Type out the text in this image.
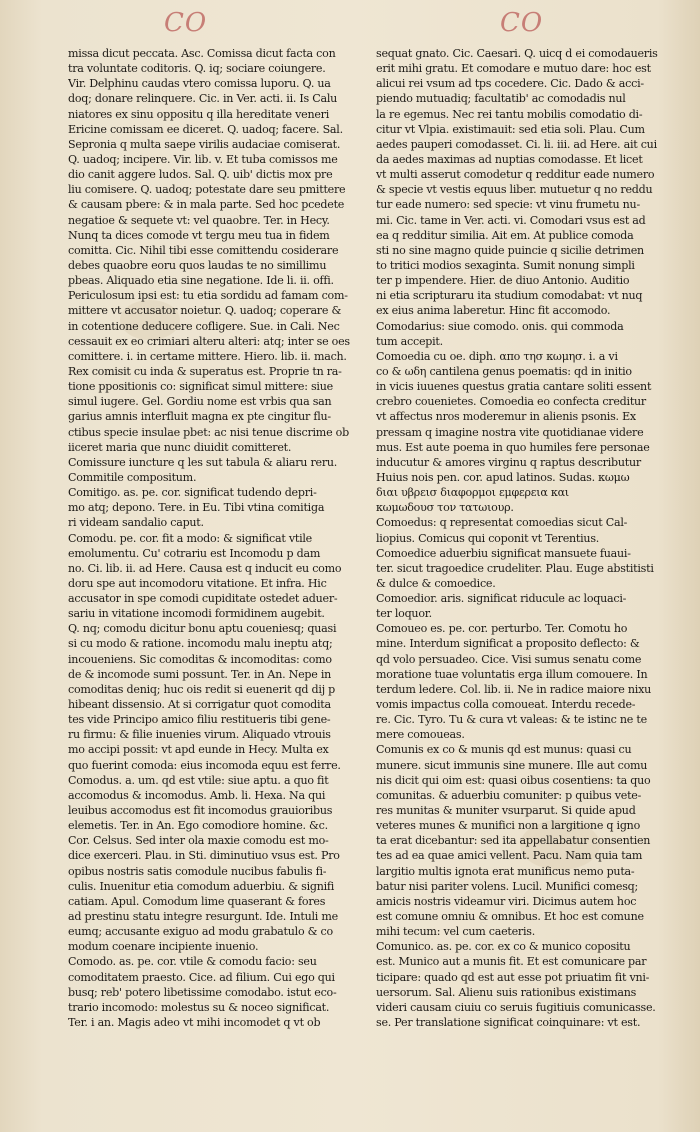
CO	CO
missa dicut peccata. Asc. Comissa dicut facta con
tra voluntate coditoris. Q. iq; sociare coiungere.
Vir. Delphinu caudas vtero comissa luporu. Q. ua
doq; donare relinquere. Cic. in Ver. acti. ii. Is Calu
niatores ex sinu oppositu q illa hereditate veneri
Ericine comissam ee diceret. Q. uadoq; facere. Sal.
Sepronia q multa saepe virilis audaciae comiserat.
Q. uadoq; incipere. Vir. lib. v. Et tuba comissos me
dio canit aggere ludos. Sal. Q. uib' dictis mox pre
liu comisere. Q. uadoq; potestate dare seu pmittere
& causam pbere: & in mala parte. Sed hoc pcedete
negatioe & sequete vt: vel quaobre. Ter. in Hecy.
Nunq ta dices comode vt tergu meu tua in fidem
comitta. Cic. Nihil tibi esse comittendu cosiderare
debes quaobre eoru quos laudas te no simillimu
pbeas. Aliquado etia sine negatione. Ide li. ii. offi.
Periculosum ipsi est: tu etia sordidu ad famam com-
mittere vt accusator noietur. Q. uadoq; coperare &
in cotentione deducere cofligere. Sue. in Cali. Nec
cessauit ex eo crimiari alteru alteri: atq; inter se oes
comittere. i. in certame mittere. Hiero. lib. ii. mach.
Rex comisit cu inda & superatus est. Proprie tn ra-
tione ppositionis co: significat simul mittere: siue
simul iugere. Gel. Gordiu nome est vrbis qua san
garius amnis interfluit magna ex pte cingitur flu-
ctibus specie insulae pbet: ac nisi tenue discrime ob
iiceret maria que nunc diuidit comitteret.
Comissure iuncture q les sut tabula & aliaru reru.
Commitile compositum.
Comitigo. as. pe. cor. significat tudendo depri-
mo atq; depono. Tere. in Eu. Tibi vtina comitiga
ri videam sandalio caput.
Comodu. pe. cor. fit a modo: & significat vtile
emolumentu. Cu' cotrariu est Incomodu p dam
no. Ci. lib. ii. ad Here. Causa est q inducit eu como
doru spe aut incomodoru vitatione. Et infra. Hic
accusator in spe comodi cupiditate ostedet aduer-
sariu in vitatione incomodi formidinem augebit.
Q. nq; comodu dicitur bonu aptu coueniesq; quasi
si cu modo & ratione. incomodu malu ineptu atq;
incoueniens. Sic comoditas & incomoditas: como
de & incomode sumi possunt. Ter. in An. Nepe in
comoditas deniq; huc ois redit si euenerit qd dij p
hibeant dissensio. At si corrigatur quot comodita
tes vide Principo amico filiu restitueris tibi gene-
ru firmu: & filie inuenies virum. Aliquado vtrouis
mo accipi possit: vt apd eunde in Hecy. Multa ex
quo fuerint comoda: eius incomoda equu est ferre.
Comodus. a. um. qd est vtile: siue aptu. a quo fit
accomodus & incomodus. Amb. li. Hexa. Na qui
leuibus accomodus est fit incomodus grauioribus
elemetis. Ter. in An. Ego comodiore homine. &c.
Cor. Celsus. Sed inter ola maxie comodu est mo-
dice exerceri. Plau. in Sti. diminutiuo vsus est. Pro
opibus nostris satis comodule nucibus fabulis fi-
culis. Inuenitur etia comodum aduerbiu. & signifi
catiam. Apul. Comodum lime quaserant & fores
ad prestinu statu integre resurgunt. Ide. Intuli me
eumq; accusante exiguo ad modu grabatulo & co
modum coenare incipiente inuenio.
Comodo. as. pe. cor. vtile & comodu facio: seu
comoditatem praesto. Cice. ad filium. Cui ego qui
busq; reb' potero libetissime comodabo. istut eco-
trario incomodo: molestus su & noceo significat.
Ter. i an. Magis adeo vt mihi incomodet q vt ob
sequat gnato. Cic. Caesari. Q. uicq d ei comodaueris
erit mihi gratu. Et comodare e mutuo dare: hoc est
alicui rei vsum ad tps cocedere. Cic. Dado & acci-
piendo mutuadiq; facultatib' ac comodadis nul
la re egemus. Nec rei tantu mobilis comodatio di-
citur vt Vlpia. existimauit: sed etia soli. Plau. Cum
aedes pauperi comodasset. Ci. li. iii. ad Here. ait cui
da aedes maximas ad nuptias comodasse. Et licet
vt multi asserut comodetur q redditur eade numero
& specie vt vestis equus liber. mutuetur q no reddu
tur eade numero: sed specie: vt vinu frumetu nu-
mi. Cic. tame in Ver. acti. vi. Comodari vsus est ad
ea q redditur similia. Ait em. At publice comoda
sti no sine magno quide puincie q sicilie detrimen
to tritici modios sexaginta. Sumit nonung simpli
ter p impendere. Hier. de diuo Antonio. Auditio
ni etia scripturaru ita studium comodabat: vt nuq
ex eius anima laberetur. Hinc fit accomodo.
Comodarius: siue comodo. onis. qui commoda
tum accepit.
Comoedia cu oe. diph. απο τησ κωμησ. i. a vi
co & ωδη cantilena genus poematis: qd in initio
in vicis iuuenes questus gratia cantare soliti essent
crebro couenietes. Comoedia eo confecta creditur
vt affectus nros moderemur in alienis psonis. Ex
pressam q imagine nostra vite quotidianae videre
mus. Est aute poema in quo humiles fere personae
inducutur & amores virginu q raptus descributur
Huius nois pen. cor. apud latinos. Sudas. κωμω
διαι υβρεισ διαφορμοι εμφερεια και
κωμωδουσ τον τατωιουρ.
Comoedus: q representat comoedias sicut Cal-
liopius. Comicus qui coponit vt Terentius.
Comoedice aduerbiu significat mansuete fuaui-
ter. sicut tragoedice crudeliter. Plau. Euge abstitisti
& dulce & comoedice.
Comoedior. aris. significat riducule ac loquaci-
ter loquor.
Comoueo es. pe. cor. perturbo. Ter. Comotu ho
mine. Interdum significat a proposito deflecto: &
qd volo persuadeo. Cice. Visi sumus senatu come
moratione tuae voluntatis erga illum comouere. In
terdum ledere. Col. lib. ii. Ne in radice maiore nixu
vomis impactus colla comoueat. Interdu recede-
re. Cic. Tyro. Tu & cura vt valeas: & te istinc ne te
mere comoueas.
Comunis ex co & munis qd est munus: quasi cu
munere. sicut immunis sine munere. Ille aut comu
nis dicit qui oim est: quasi oibus cosentiens: ta quo
comunitas. & aduerbiu comuniter: p quibus vete-
res munitas & muniter vsurparut. Si quide apud
veteres munes & munifici non a largitione q igno
ta erat dicebantur: sed ita appellabatur consentien
tes ad ea quae amici vellent. Pacu. Nam quia tam
largitio multis ignota erat munificus nemo puta-
batur nisi pariter volens. Lucil. Munifici comesq;
amicis nostris videamur viri. Dicimus autem hoc
est comune omniu & omnibus. Et hoc est comune
mihi tecum: vel cum caeteris.
Comunico. as. pe. cor. ex co & munico copositu
est. Munico aut a munis fit. Et est comunicare par
ticipare: quado qd est aut esse pot priuatim fit vni-
uersorum. Sal. Alienu suis rationibus existimans
videri causam ciuiu co seruis fugitiuis comunicasse.
se. Per translatione significat coinquinare: vt est.
